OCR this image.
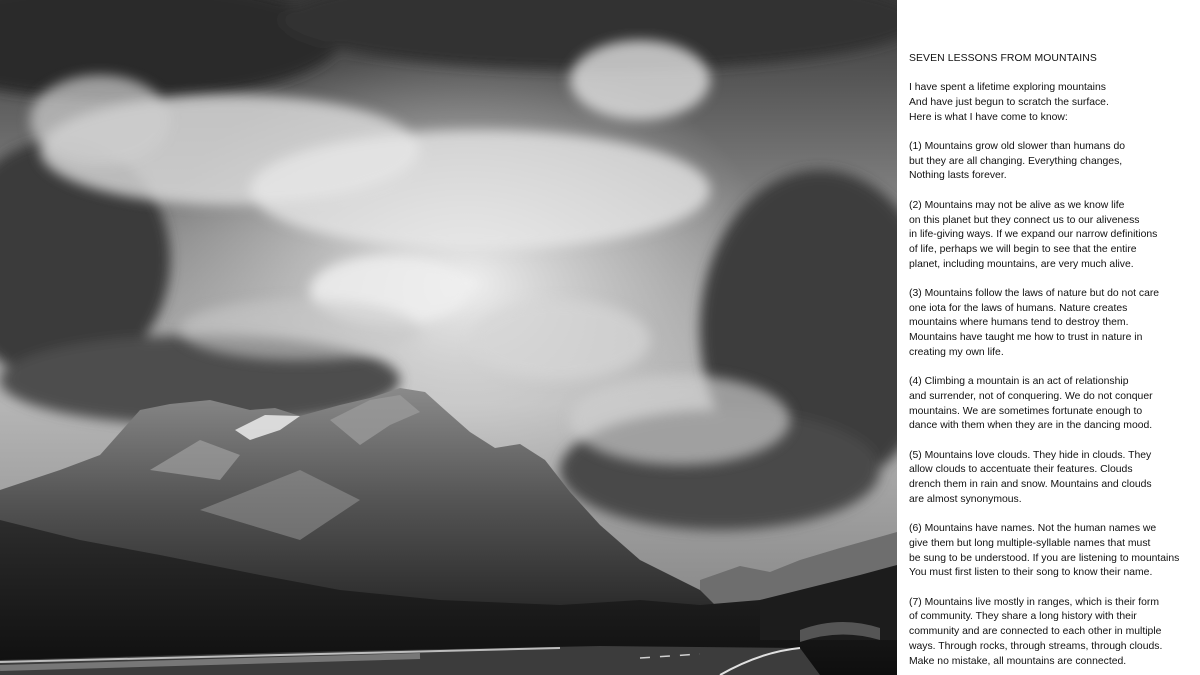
SEVEN LESSONS FROM MOUNTAINS
I have spent a lifetime exploring mountains
And have just begun to scratch the surface.
Here is what I have come to know:
(1) Mountains grow old slower than humans do
but they are all changing. Everything changes,
Nothing lasts forever.
(2) Mountains may not be alive as we know life
on this planet but they connect us to our aliveness
in life-giving ways. If we expand our narrow definitions
of life, perhaps we will begin to see that the entire
planet, including mountains, are very much alive.
(3) Mountains follow the laws of nature but do not care
one iota for the laws of humans. Nature creates
mountains where humans tend to destroy them.
Mountains have taught me how to trust in nature in
creating my own life.
(4) Climbing a mountain is an act of relationship
and surrender, not of conquering. We do not conquer
mountains. We are sometimes fortunate enough to
dance with them when they are in the dancing mood.
(5) Mountains love clouds. They hide in clouds. They
allow clouds to accentuate their features. Clouds
drench them in rain and snow. Mountains and clouds
are almost synonymous.
(6) Mountains have names. Not the human names we
give them but long multiple-syllable names that must
be sung to be understood. If you are listening to mountains
You must first listen to their song to know their name.
(7) Mountains live mostly in ranges, which is their form
of community. They share a long history with their
community and are connected to each other in multiple
ways. Through rocks, through streams, through clouds.
Make no mistake, all mountains are connected.
